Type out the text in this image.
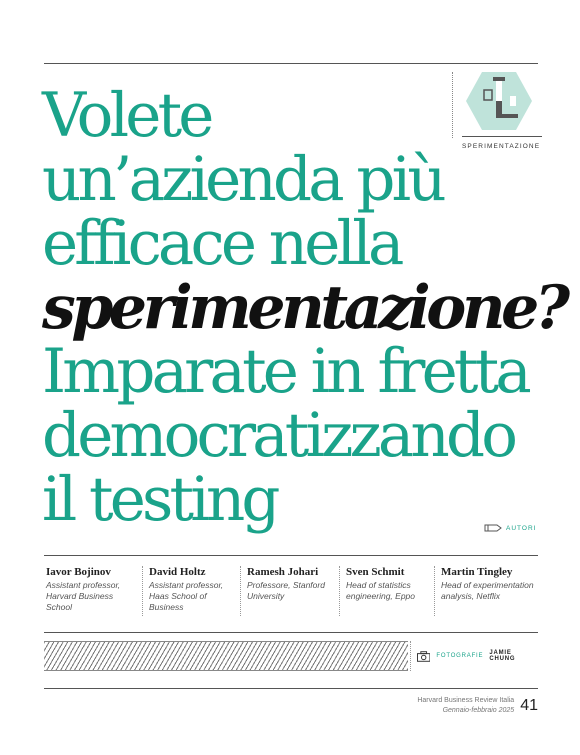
SPERIMENTAZIONE
Volete
un’azienda più
efficace nella
sperimentazione?
Imparate in fretta
democratizzando
il testing	AUTORI
Iavor Bojinov
Assistant professor, Harvard Business School
David Holtz
Assistant professor, Haas School of Business
Ramesh Johari
Professore, Stanford University
Sven Schmit
Head of statistics engineering, Eppo
Martin Tingley
Head of experimentation analysis, Netflix
FOTOGRAFIE JAMIE CHUNG
Harvard Business Review Italia
Gennaio-febbraio 2025 41
